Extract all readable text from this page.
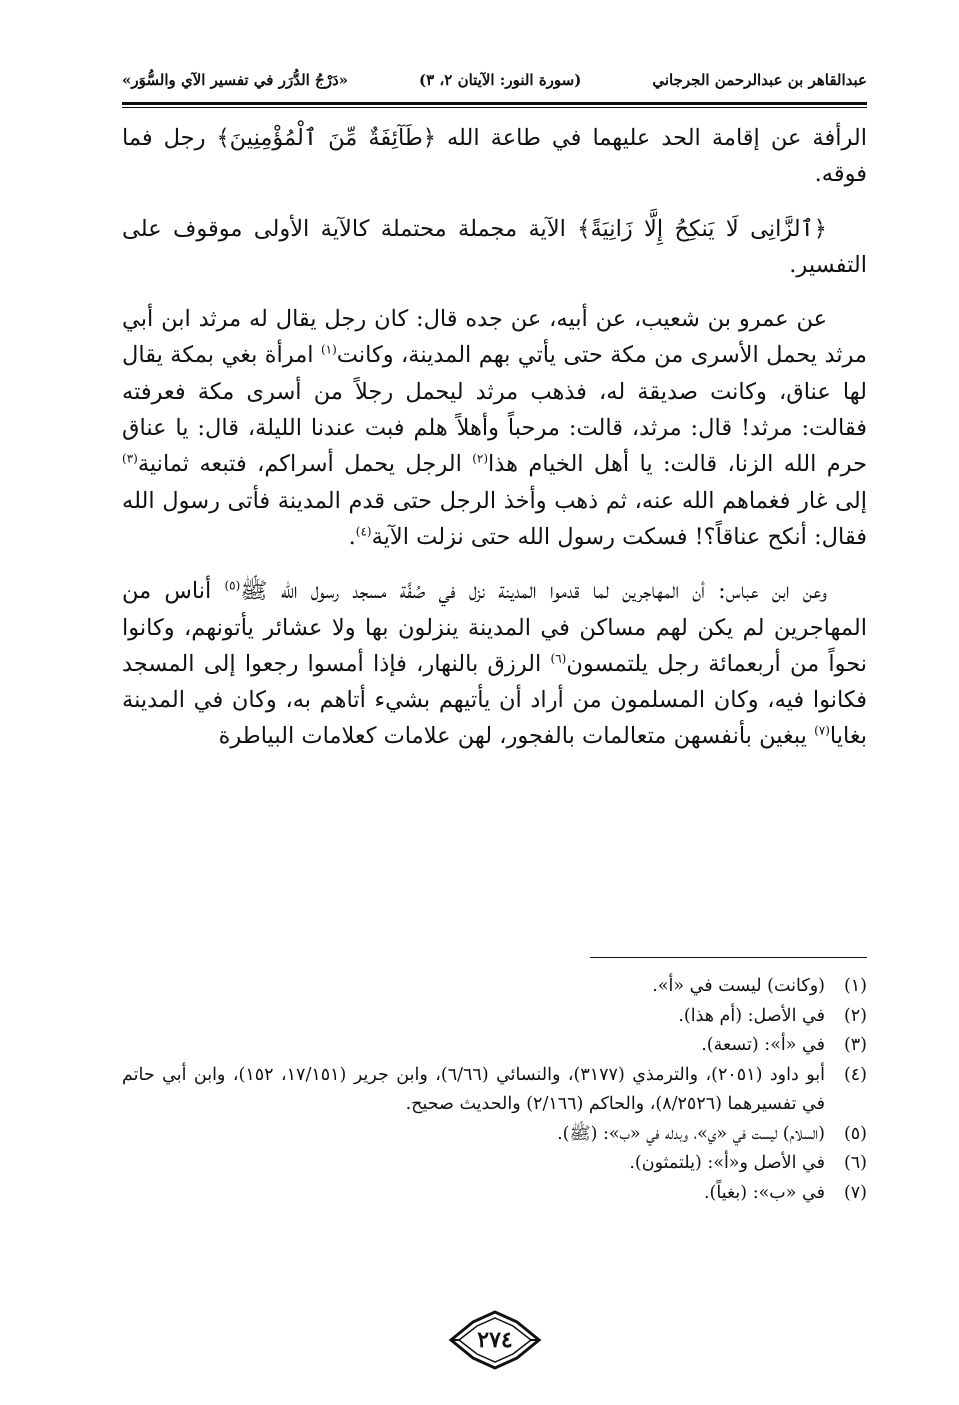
عبدالقاهر بن عبدالرحمن الجرجاني
(سورة النور: الآيتان ٢، ٣)
«دَرْجُ الدُّرَر في تفسير الآي والسُّوَر»

الرأفة عن إقامة الحد عليهما في طاعة الله ﴿طَآئِفَةٌ مِّنَ ٱلْمُؤْمِنِينَ﴾ رجل فما فوقه.

﴿ٱلزَّانِى لَا يَنكِحُ إِلَّا زَانِيَةً﴾ الآية مجملة محتملة كالآية الأولى موقوف على التفسير.

عن عمرو بن شعيب، عن أبيه، عن جده قال: كان رجل يقال له مرثد ابن أبي مرثد يحمل الأسرى من مكة حتى يأتي بهم المدينة، وكانت$^{(١)}$ امرأة بغي بمكة يقال لها عناق، وكانت صديقة له، فذهب مرثد ليحمل رجلاً من أسرى مكة فعرفته فقالت: مرثد! قال: مرثد، قالت: مرحباً وأهلاً هلم فبت عندنا الليلة، قال: يا عناق حرم الله الزنا، قالت: يا أهل الخيام هذا$^{(٢)}$ الرجل يحمل أسراكم، فتبعه ثمانية$^{(٣)}$ إلى غار فغماهم الله عنه، ثم ذهب وأخذ الرجل حتى قدم المدينة فأتى رسول الله فقال: أنكح عناقاً؟! فسكت رسول الله حتى نزلت الآية$^{(٤)}$.

وعن ابن عباس: أن المهاجرين لما قدموا المدينة نزل في صُفَّة مسجد رسول الله ﷺ$^{(٥)}$ أناس من المهاجرين لم يكن لهم مساكن في المدينة ينزلون بها ولا عشائر يأتونهم، وكانوا نحواً من أربعمائة رجل يلتمسون$^{(٦)}$ الرزق بالنهار، فإذا أمسوا رجعوا إلى المسجد فكانوا فيه، وكان المسلمون من أراد أن يأتيهم بشيء أتاهم به، وكان في المدينة بغايا$^{(٧)}$ يبغين بأنفسهن متعالمات بالفجور، لهن علامات كعلامات البياطرة

(١)
(وكانت) ليست في «أ».
(٢)
في الأصل: (أم هذا).
(٣)
في «أ»: (تسعة).
(٤)
أبو داود (٢٠٥١)، والترمذي (٣١٧٧)، والنسائي (٦/٦٦)، وابن جرير (١٧/١٥١، ١٥٢)، وابن أبي حاتم في تفسيرهما (٨/٢٥٢٦)، والحاكم (٢/١٦٦) والحديث صحيح.
(٥)
(السلام) ليست في «ي»، وبدله في «ب»: (ﷺ).
(٦)
في الأصل و«أ»: (يلتمثون).
(٧)
في «ب»: (بغياً).
٢٧٤
